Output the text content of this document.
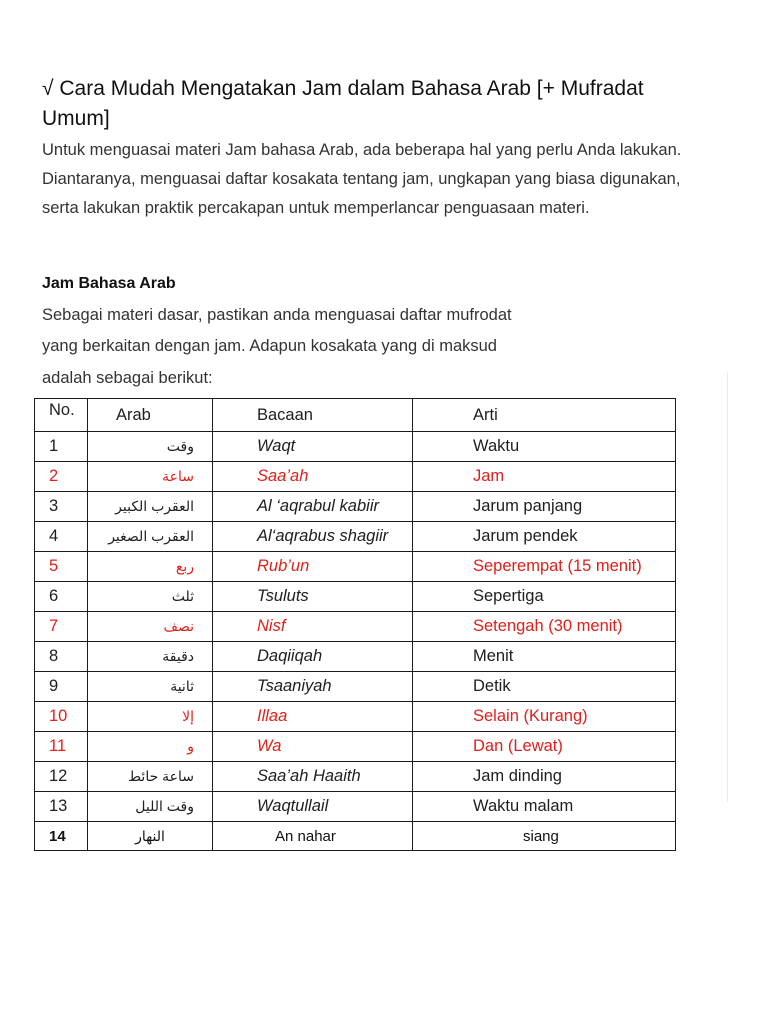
√ Cara Mudah Mengatakan Jam dalam Bahasa Arab [+ Mufradat Umum]

Untuk menguasai materi Jam bahasa Arab, ada beberapa hal yang perlu Anda lakukan. Diantaranya, menguasai daftar kosakata tentang jam, ungkapan yang biasa digunakan, serta lakukan praktik percakapan untuk memperlancar penguasaan materi.

Jam Bahasa Arab

Sebagai materi dasar, pastikan anda menguasai daftar mufrodat

yang berkaitan dengan jam. Adapun kosakata yang di maksud

adalah sebagai berikut:

No.	Arab	Bacaan	Arti
1	وقت	Waqt	Waktu
2	ساعة	Saa’ah	Jam
3	العقرب الكبير	Al ‘aqrabul kabiir	Jarum panjang
4	العقرب الصغير	Al‘aqrabus shagiir	Jarum pendek
5	ربع	Rub’un	Seperempat (15 menit)
6	ثلث	Tsuluts	Sepertiga
7	نصف	Nisf	Setengah (30 menit)
8	دقيقة	Daqiiqah	Menit
9	ثانية	Tsaaniyah	Detik
10	إلا	Illaa	Selain (Kurang)
11	و	Wa	Dan (Lewat)
12	ساعة حائط	Saa’ah Haaith	Jam dinding
13	وقت الليل	Waqtullail	Waktu malam
14	النهار	An nahar	siang
